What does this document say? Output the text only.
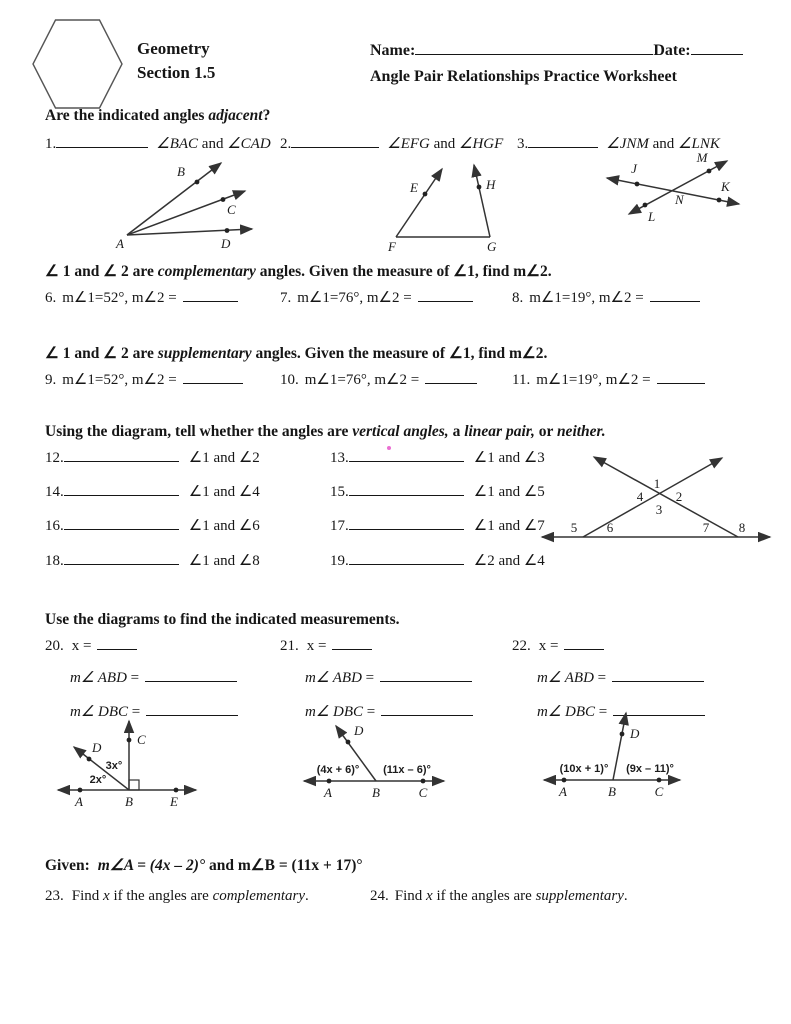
Geometry
Section 1.5
Name:	Date:
Angle Pair Relationships Practice Worksheet
Are the indicated angles adjacent?
1.	∠BAC and ∠CAD 2.	∠EFG and ∠HGF 3.	∠JNM and ∠LNK
B
C
D
A
E	H
F	G
J
K
L
M
N
∠ 1 and ∠ 2 are complementary angles. Given the measure of ∠1, find m∠2.
6. m∠1=52°, m∠2 =	7. m∠1=76°, m∠2 =	8. m∠1=19°, m∠2 =
∠ 1 and ∠ 2 are supplementary angles. Given the measure of ∠1, find m∠2.
9. m∠1=52°, m∠2 =	10. m∠1=76°, m∠2 =	11. m∠1=19°, m∠2 =
Using the diagram, tell whether the angles are vertical angles, a linear pair, or neither.
12.	∠1 and ∠2	13.	∠1 and ∠3
14.	∠1 and ∠4	15.	∠1 and ∠5
16.	∠1 and ∠6	17.	∠1 and ∠7
18.	∠1 and ∠8	19.	∠2 and ∠4
1
2
3
4
5 6	7 8
Use the diagrams to find the indicated measurements.
20. x =	21. x =	22. x =
m∠ ABD =	m∠ ABD =	m∠ ABD =
m∠ DBC =	m∠ DBC =	m∠ DBC =
C
D
3x°
2x°
A	B	E
D
(4x + 6)° (11x – 6)°
A	B	C
D
(10x + 1)° (9x – 11)°
A	B	C
Given: m∠A = (4x – 2)° and m∠B = (11x + 17)°
23. Find x if the angles are complementary.	24. Find x if the angles are supplementary.
